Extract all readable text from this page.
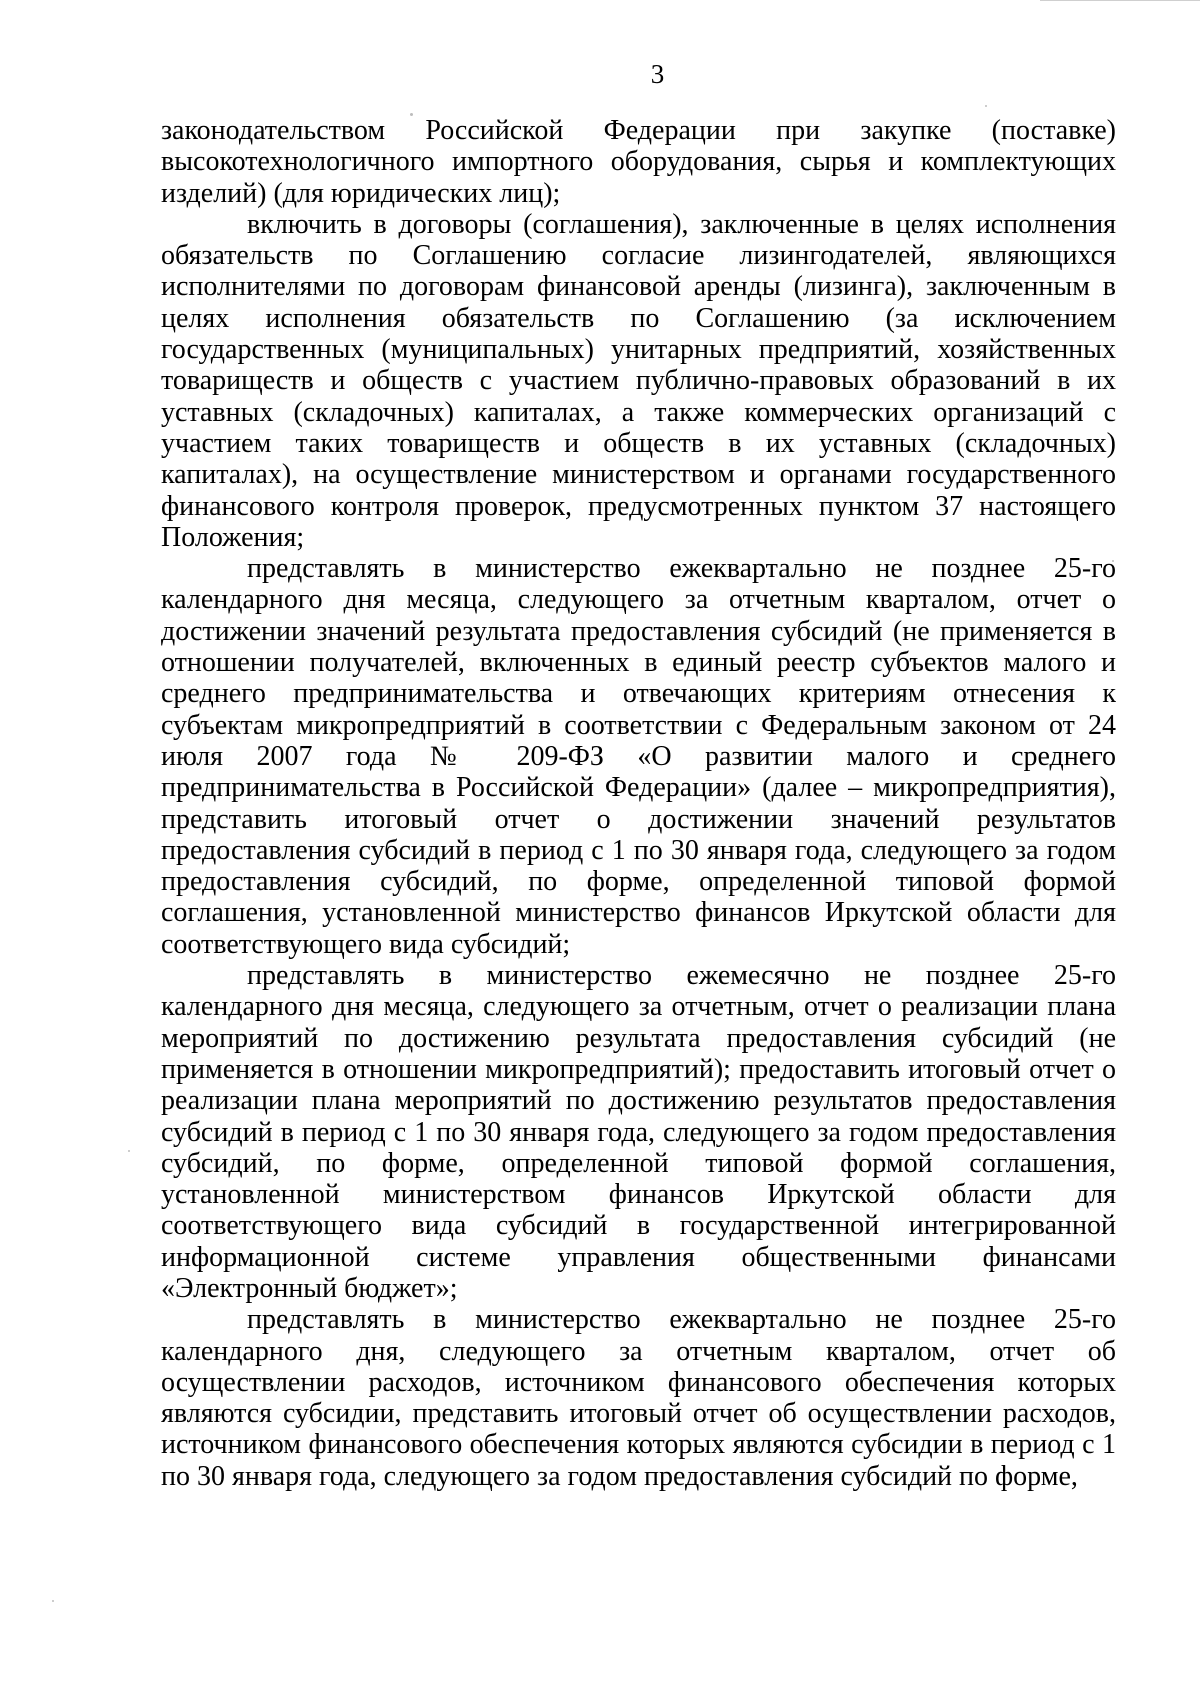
3

законодательством Российской Федерации при закупке (поставке) высокотехнологичного импортного оборудования, сырья и комплектующих изделий) (для юридических лиц);

включить в договоры (соглашения), заключенные в целях исполнения обязательств по Соглашению согласие лизингодателей, являющихся исполнителями по договорам финансовой аренды (лизинга), заключенным в целях исполнения обязательств по Соглашению (за исключением государственных (муниципальных) унитарных предприятий, хозяйственных товариществ и обществ с участием публично-правовых образований в их уставных (складочных) капиталах, а также коммерческих организаций с участием таких товариществ и обществ в их уставных (складочных) капиталах), на осуществление министерством и органами государственного финансового контроля проверок, предусмотренных пунктом 37 настоящего Положения;

представлять в министерство ежеквартально не позднее 25-го календарного дня месяца, следующего за отчетным кварталом, отчет о достижении значений результата предоставления субсидий (не применяется в отношении получателей, включенных в единый реестр субъектов малого и среднего предпринимательства и отвечающих критериям отнесения к субъектам микропредприятий в соответствии с Федеральным законом от 24 июля 2007 года № 209-ФЗ «О развитии малого и среднего предпринимательства в Российской Федерации» (далее – микропредприятия), представить итоговый отчет о достижении значений результатов предоставления субсидий в период с 1 по 30 января года, следующего за годом предоставления субсидий, по форме, определенной типовой формой соглашения, установленной министерство финансов Иркутской области для соответствующего вида субсидий;

представлять в министерство ежемесячно не позднее 25-го календарного дня месяца, следующего за отчетным, отчет о реализации плана мероприятий по достижению результата предоставления субсидий (не применяется в отношении микропредприятий); предоставить итоговый отчет о реализации плана мероприятий по достижению результатов предоставления субсидий в период с 1 по 30 января года, следующего за годом предоставления субсидий, по форме, определенной типовой формой соглашения, установленной министерством финансов Иркутской области для соответствующего вида субсидий в государственной интегрированной информационной системе управления общественными финансами «Электронный бюджет»;

представлять в министерство ежеквартально не позднее 25-го календарного дня, следующего за отчетным кварталом, отчет об осуществлении расходов, источником финансового обеспечения которых являются субсидии, представить итоговый отчет об осуществлении расходов, источником финансового обеспечения которых являются субсидии в период с 1 по 30 января года, следующего за годом предоставления субсидий по форме,
